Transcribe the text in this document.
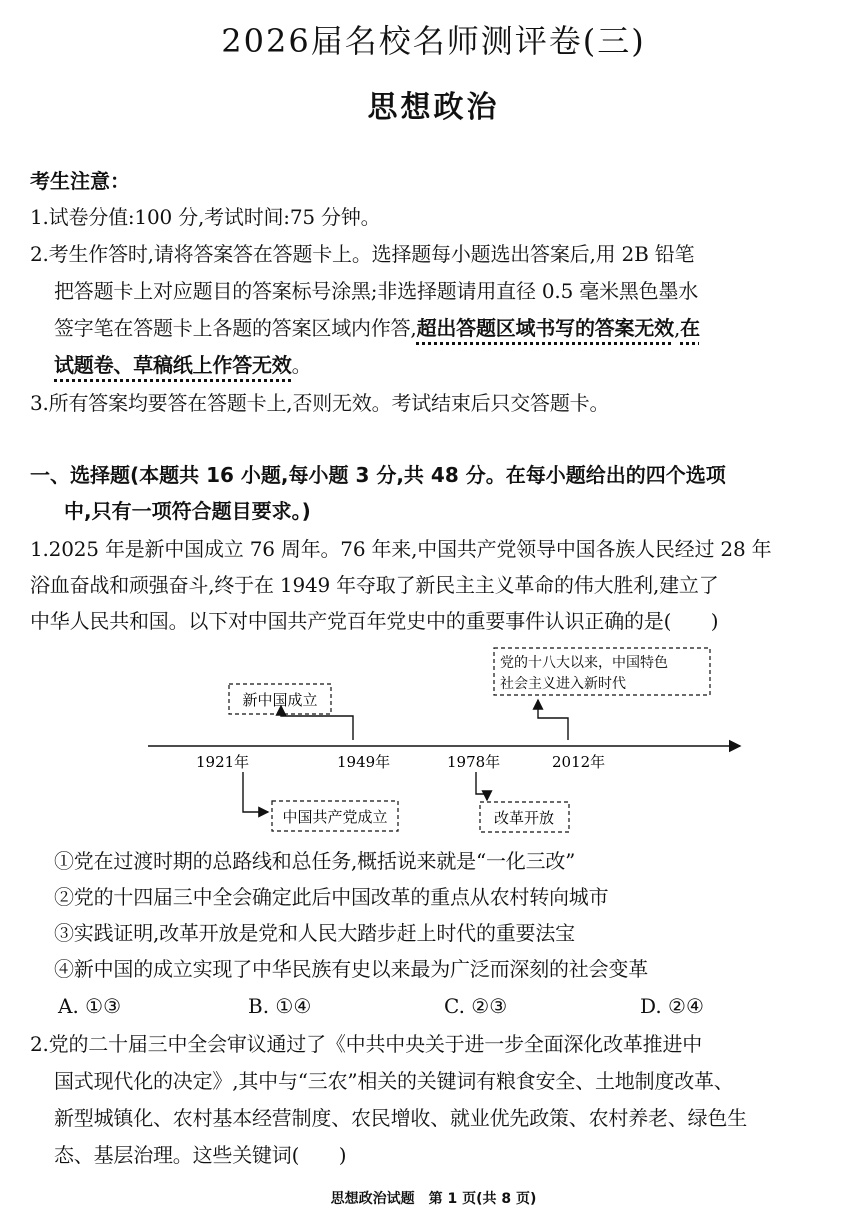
2026届名校名师测评卷(三)
思想政治
考生注意：
1.试卷分值:100 分,考试时间:75 分钟。
2.考生作答时,请将答案答在答题卡上。选择题每小题选出答案后,用 2B 铅笔
把答题卡上对应题目的答案标号涂黑;非选择题请用直径 0.5 毫米黑色墨水
签字笔在答题卡上各题的答案区域内作答,超出答题区域书写的答案无效,在
试题卷、草稿纸上作答无效。
3.所有答案均要答在答题卡上,否则无效。考试结束后只交答题卡。
一、选择题(本题共 16 小题,每小题 3 分,共 48 分。在每小题给出的四个选项
中,只有一项符合题目要求。)
1.2025 年是新中国成立 76 周年。76 年来,中国共产党领导中国各族人民经过 28 年
浴血奋战和顽强奋斗,终于在 1949 年夺取了新民主主义革命的伟大胜利,建立了
中华人民共和国。以下对中国共产党百年党史中的重要事件认识正确的是(　　)
1921年	1949年	1978年	2012年
中国共产党成立
新中国成立
改革开放
党的十八大以来，中国特色
社会主义进入新时代
①党在过渡时期的总路线和总任务,概括说来就是“一化三改”
②党的十四届三中全会确定此后中国改革的重点从农村转向城市
③实践证明,改革开放是党和人民大踏步赶上时代的重要法宝
④新中国的成立实现了中华民族有史以来最为广泛而深刻的社会变革
A. ①③	B. ①④	C. ②③	D. ②④
2.党的二十届三中全会审议通过了《中共中央关于进一步全面深化改革推进中
国式现代化的决定》,其中与“三农”相关的关键词有粮食安全、土地制度改革、
新型城镇化、农村基本经营制度、农民增收、就业优先政策、农村养老、绿色生
态、基层治理。这些关键词(　　)
思想政治试题　第 1 页(共 8 页)
